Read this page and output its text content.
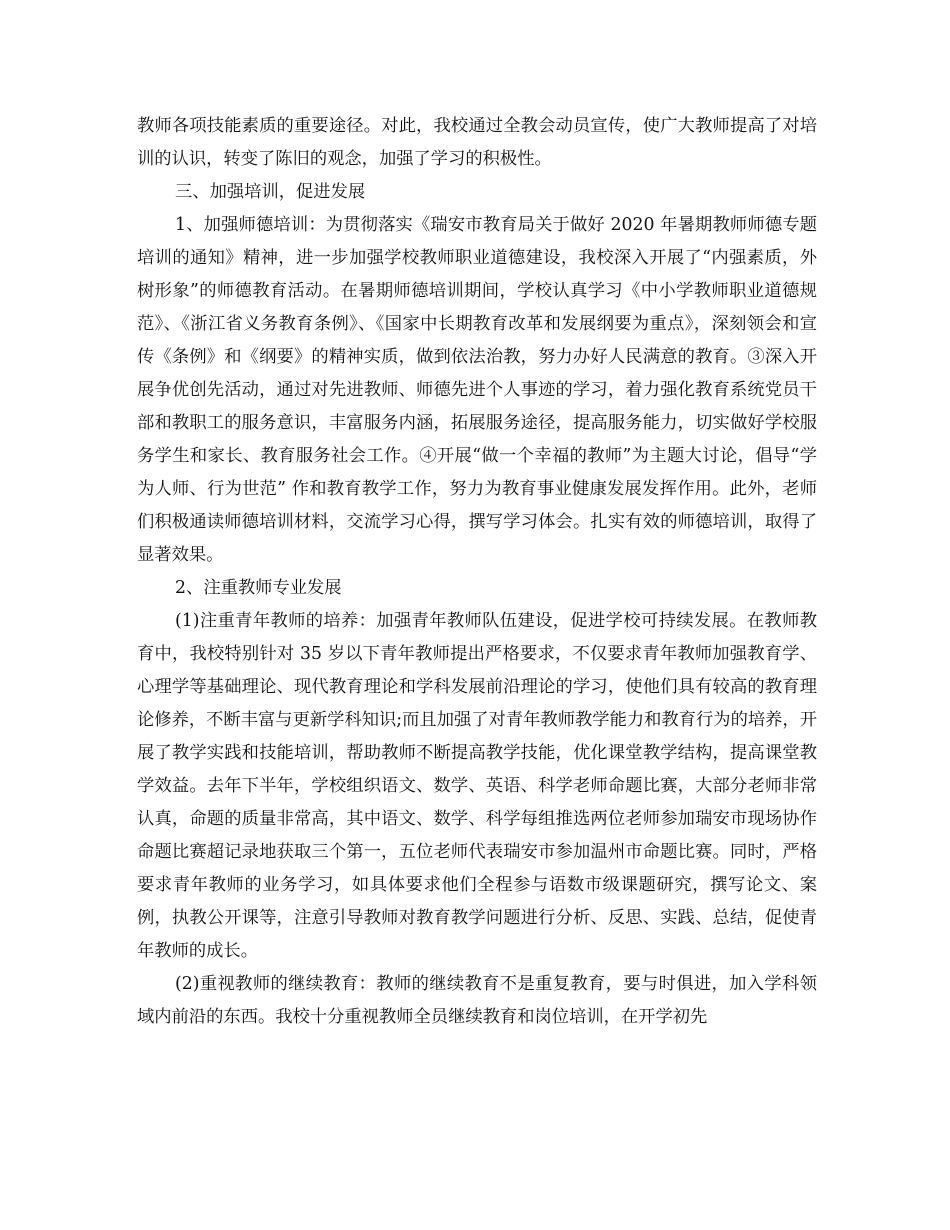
教师各项技能素质的重要途径。对此，我校通过全教会动员宣传，使广大教师提高了对培训的认识，转变了陈旧的观念，加强了学习的积极性。

三、加强培训，促进发展

1、加强师德培训：为贯彻落实《瑞安市教育局关于做好 2020 年暑期教师师德专题培训的通知》精神，进一步加强学校教师职业道德建设，我校深入开展了“内强素质，外树形象”的师德教育活动。在暑期师德培训期间，学校认真学习《中小学教师职业道德规范》、《浙江省义务教育条例》、《国家中长期教育改革和发展纲要为重点》，深刻领会和宣传《条例》和《纲要》的精神实质，做到依法治教，努力办好人民满意的教育。③深入开展争优创先活动，通过对先进教师、师德先进个人事迹的学习，着力强化教育系统党员干部和教职工的服务意识，丰富服务内涵，拓展服务途径，提高服务能力，切实做好学校服务学生和家长、教育服务社会工作。④开展“做一个幸福的教师”为主题大讨论，倡导“学为人师、行为世范” 作和教育教学工作，努力为教育事业健康发展发挥作用。此外，老师们积极通读师德培训材料，交流学习心得，撰写学习体会。扎实有效的师德培训，取得了显著效果。

2、注重教师专业发展

(1)注重青年教师的培养：加强青年教师队伍建设，促进学校可持续发展。在教师教育中，我校特别针对 35 岁以下青年教师提出严格要求，不仅要求青年教师加强教育学、心理学等基础理论、现代教育理论和学科发展前沿理论的学习，使他们具有较高的教育理论修养，不断丰富与更新学科知识;而且加强了对青年教师教学能力和教育行为的培养，开展了教学实践和技能培训，帮助教师不断提高教学技能，优化课堂教学结构，提高课堂教学效益。去年下半年，学校组织语文、数学、英语、科学老师命题比赛，大部分老师非常认真，命题的质量非常高，其中语文、数学、科学每组推选两位老师参加瑞安市现场协作命题比赛超记录地获取三个第一，五位老师代表瑞安市参加温州市命题比赛。同时，严格要求青年教师的业务学习，如具体要求他们全程参与语数市级课题研究，撰写论文、案例，执教公开课等，注意引导教师对教育教学问题进行分析、反思、实践、总结，促使青年教师的成长。

(2)重视教师的继续教育：教师的继续教育不是重复教育，要与时俱进，加入学科领域内前沿的东西。我校十分重视教师全员继续教育和岗位培训，在开学初先
